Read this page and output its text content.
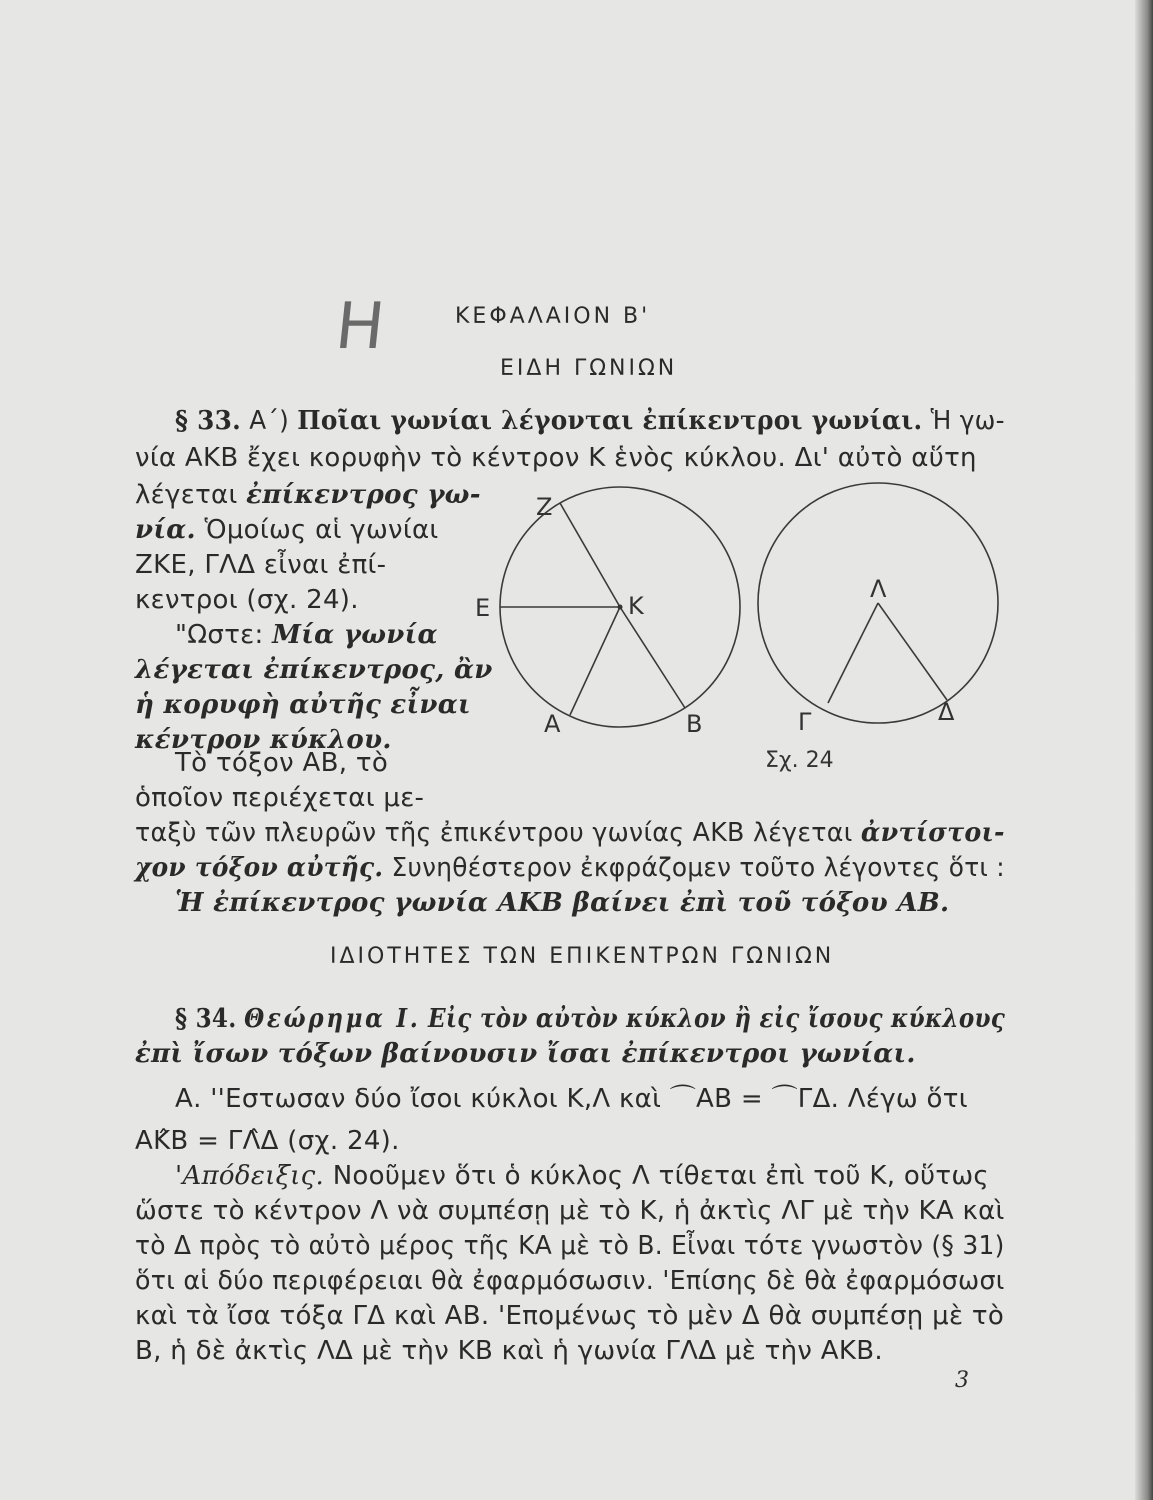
H	ΚΕΦΑΛΑΙΟΝ Β'
ΕΙΔΗ ΓΩΝΙΩΝ
§ 33. Α΄) Ποῖαι γωνίαι λέγονται ἐπίκεντροι γωνίαι. Ἡ γω-
νία ΑΚΒ ἔχει κορυφὴν τὸ κέντρον Κ ἑνὸς κύκλου. Δι' αὐτὸ αὕτη
λέγεται ἐπίκεντρος γω-
νία. Ὁμοίως αἱ γωνίαι
ΖΚΕ, ΓΛΔ εἶναι ἐπί-
κεντροι (σχ. 24).
"Ωστε: Μία γωνία
λέγεται ἐπίκεντρος, ἂν
ἡ κορυφὴ αὐτῆς εἶναι
κέντρον κύκλου.
Τὸ τόξον ΑΒ, τὸ
ὁποῖον περιέχεται με-
ταξὺ τῶν πλευρῶν τῆς ἐπικέντρου γωνίας ΑΚΒ λέγεται ἀντίστοι-
χον τόξον αὐτῆς. Συνηθέστερον ἐκφράζομεν τοῦτο λέγοντες ὅτι :
Ἡ ἐπίκεντρος γωνία ΑΚΒ βαίνει ἐπὶ τοῦ τόξου ΑΒ.
Z
E	K
A	B
Λ
Γ	Δ
Σχ. 24
ΙΔΙΟΤΗΤΕΣ ΤΩΝ ΕΠΙΚΕΝΤΡΩΝ ΓΩΝΙΩΝ
§ 34. Θεώρημα Ι. Εἰς τὸν αὐτὸν κύκλον ἢ εἰς ἴσους κύκλους
ἐπὶ ἴσων τόξων βαίνουσιν ἴσαι ἐπίκεντροι γωνίαι.
Α. ''Εστωσαν δύο ἴσοι κύκλοι Κ,Λ καὶ ⌒ΑΒ = ⌒ΓΔ. Λέγω ὅτι
ΑΚ̂Β = ΓΛ̂Δ (σχ. 24).
'Απόδειξις. Νοοῦμεν ὅτι ὁ κύκλος Λ τίθεται ἐπὶ τοῦ Κ, οὕτως
ὥστε τὸ κέντρον Λ νὰ συμπέσῃ μὲ τὸ Κ, ἡ ἀκτὶς ΛΓ μὲ τὴν ΚΑ καὶ
τὸ Δ πρὸς τὸ αὐτὸ μέρος τῆς ΚΑ μὲ τὸ Β. Εἶναι τότε γνωστὸν (§ 31)
ὅτι αἱ δύο περιφέρειαι θὰ ἐφαρμόσωσιν. 'Επίσης δὲ θὰ ἐφαρμόσωσι
καὶ τὰ ἴσα τόξα ΓΔ καὶ ΑΒ. 'Επομένως τὸ μὲν Δ θὰ συμπέσῃ μὲ τὸ
Β, ἡ δὲ ἀκτὶς ΛΔ μὲ τὴν ΚΒ καὶ ἡ γωνία ΓΛΔ μὲ τὴν ΑΚΒ.
3
